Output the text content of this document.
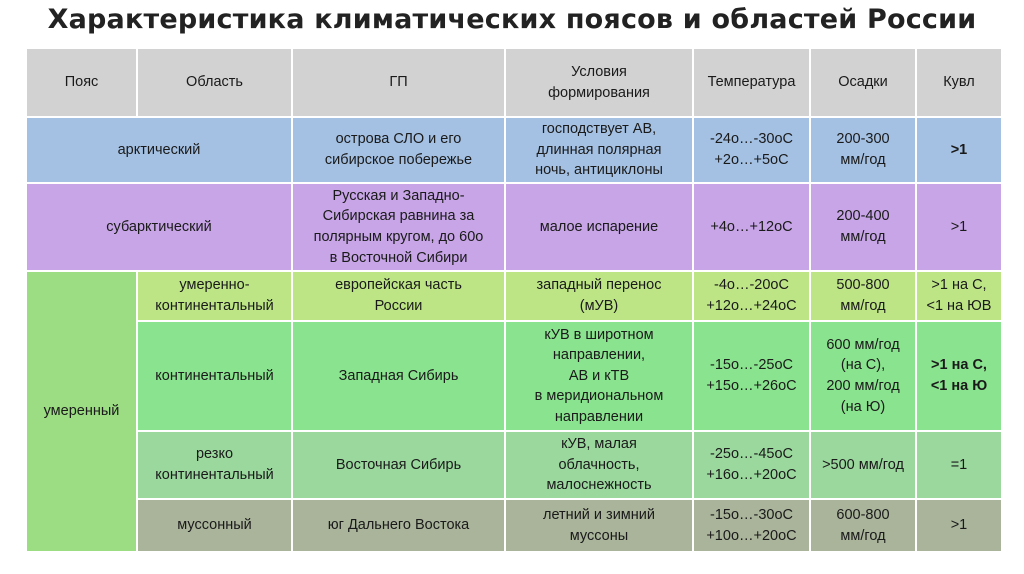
Характеристика климатических поясов и областей России
Пояс	Область	ГП	Условия
формирования	Температура	Осадки	Кувл
арктический		острова СЛО и его
сибирское побережье	господствует АВ,
длинная полярная
ночь, антициклоны	-24о…-30оС
+2о…+5оС	200-300
мм/год	>1
субарктический		Русская и Западно-
Сибирская равнина за
полярным кругом, до 60о
в Восточной Сибири	малое испарение	+4о…+12оС	200-400
мм/год	>1
умеренный	умеренно-
континентальный	европейская часть
России	западный перенос
(мУВ)	-4о…-20оС
+12о…+24оС	500-800
мм/год	>1 на С,
<1 на ЮВ
	континентальный	Западная Сибирь	кУВ в широтном
направлении,
АВ и кТВ
в меридиональном
направлении	-15о…-25оС
+15о…+26оС	600 мм/год
(на С),
200 мм/год
(на Ю)	>1 на С,
<1 на Ю
	резко
континентальный	Восточная Сибирь	кУВ, малая
облачность,
малоснежность	-25о…-45оС
+16о…+20оС	>500 мм/год	=1
	муссонный	юг Дальнего Востока	летний и зимний
муссоны	-15о…-30оС
+10о…+20оС	600-800
мм/год	>1
